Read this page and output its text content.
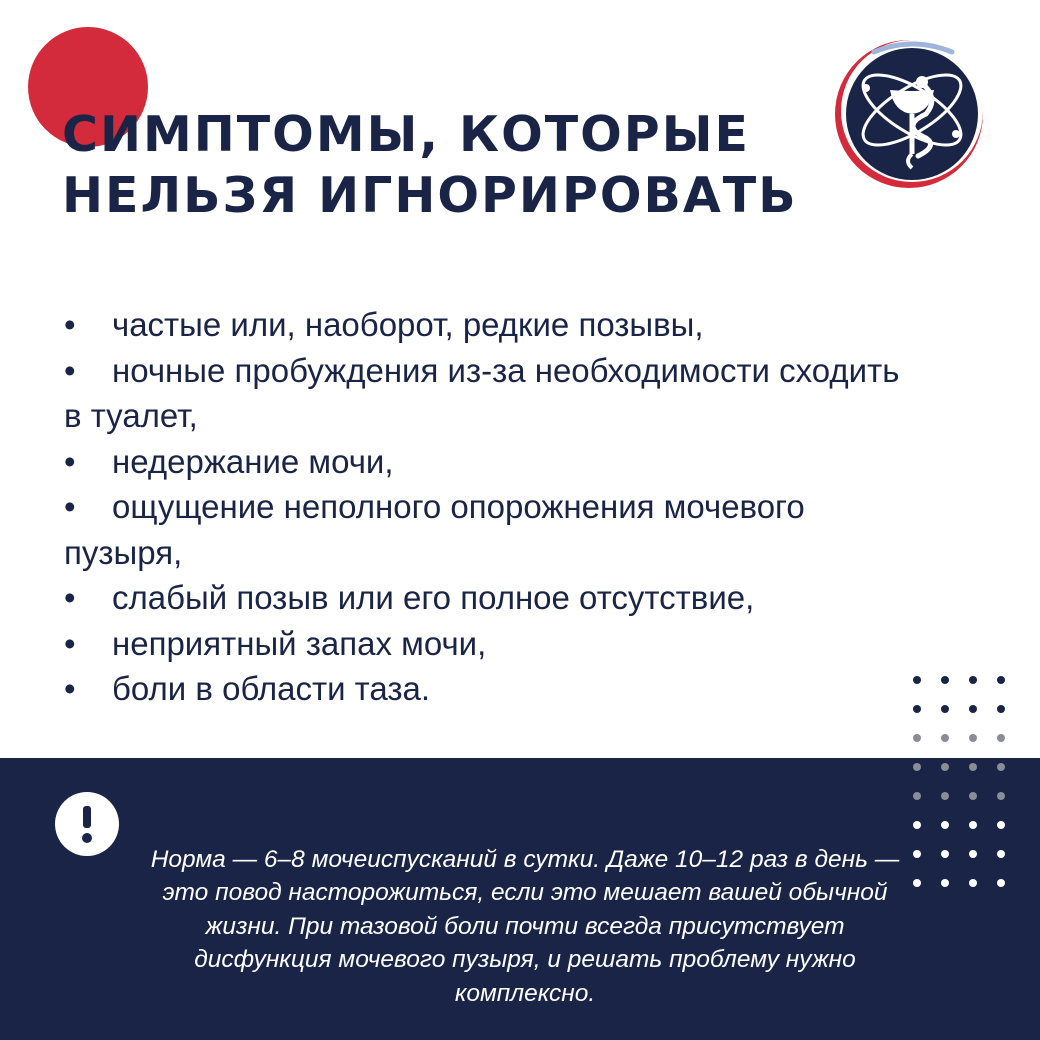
СИМПТОМЫ, КОТОРЫЕ
НЕЛЬЗЯ ИГНОРИРОВАТЬ
• частые или, наоборот, редкие позывы,
• ночные пробуждения из-за необходимости сходить в туалет,
• недержание мочи,
• ощущение неполного опорожнения мочевого пузыря,
• слабый позыв или его полное отсутствие,
• неприятный запах мочи,
• боли в области таза.

Норма — 6–8 мочеиспусканий в сутки. Даже 10–12 раз в день — это повод насторожиться, если это мешает вашей обычной жизни. При тазовой боли почти всегда присутствует дисфункция мочевого пузыря, и решать проблему нужно комплексно.
